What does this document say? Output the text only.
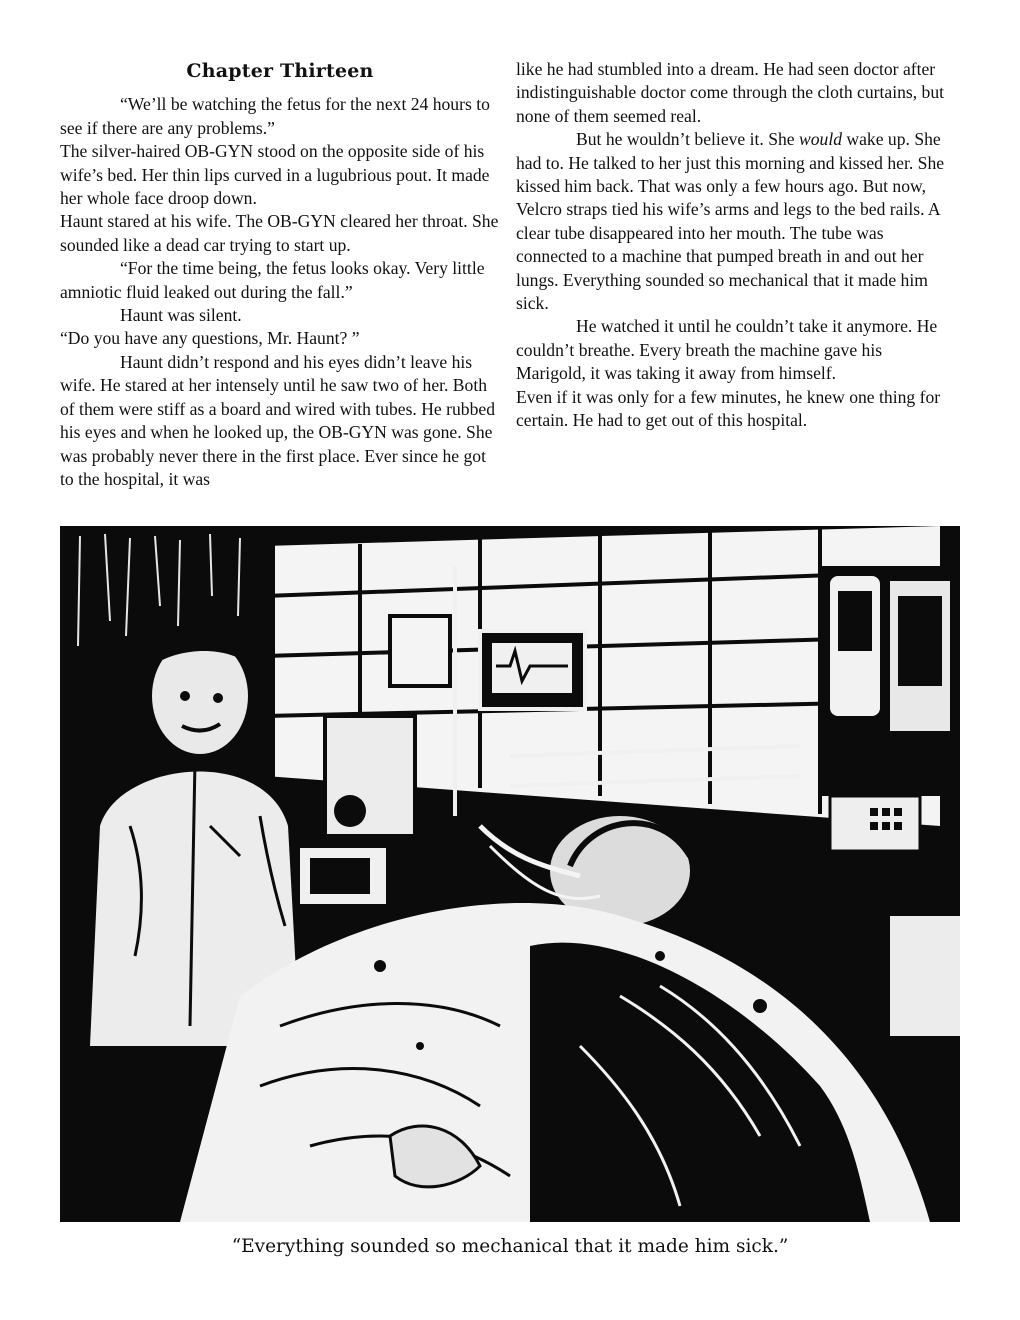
Chapter Thirteen

“We’ll be watching the fetus for the next 24 hours to see if there are any problems.”

The silver-haired OB-GYN stood on the opposite side of his wife’s bed. Her thin lips curved in a lugubrious pout. It made her whole face droop down.

Haunt stared at his wife. The OB-GYN cleared her throat. She sounded like a dead car trying to start up.

“For the time being, the fetus looks okay. Very little amniotic fluid leaked out during the fall.”

Haunt was silent.

“Do you have any questions, Mr. Haunt? ”

Haunt didn’t respond and his eyes didn’t leave his wife. He stared at her intensely until he saw two of her. Both of them were stiff as a board and wired with tubes. He rubbed his eyes and when he looked up, the OB-GYN was gone. She was probably never there in the first place. Ever since he got to the hospital, it was

like he had stumbled into a dream. He had seen doctor after indistinguishable doctor come through the cloth curtains, but none of them seemed real.

But he wouldn’t believe it. She would wake up. She had to. He talked to her just this morning and kissed her. She kissed him back. That was only a few hours ago. But now, Velcro straps tied his wife’s arms and legs to the bed rails. A clear tube disappeared into her mouth. The tube was connected to a machine that pumped breath in and out her lungs. Everything sounded so mechanical that it made him sick.

He watched it until he couldn’t take it anymore. He couldn’t breathe. Every breath the machine gave his Marigold, it was taking it away from himself.

Even if it was only for a few minutes, he knew one thing for certain. He had to get out of this hospital.

“Everything sounded so mechanical that it made him sick.”
